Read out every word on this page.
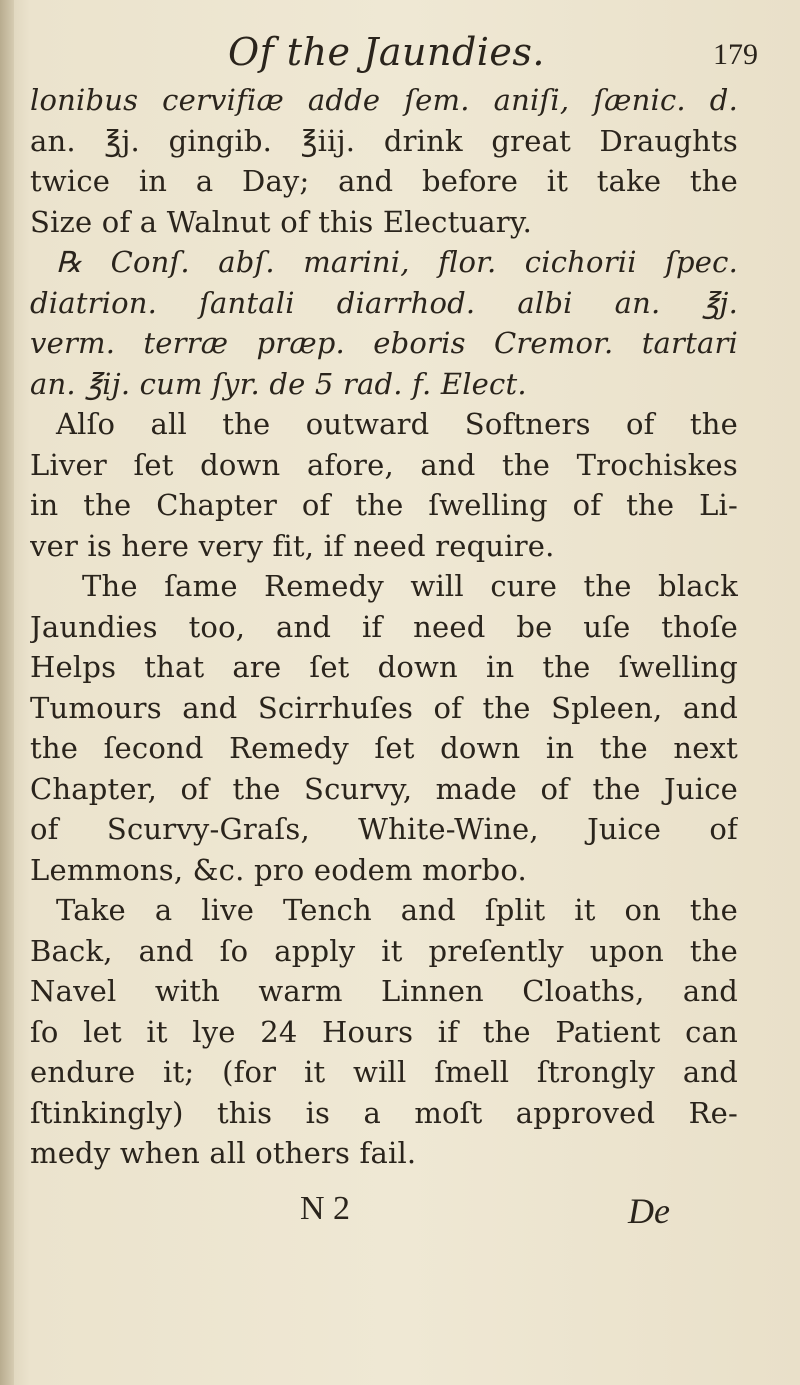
Of the Jaundies.	179
lonibus cervifiæ adde ſem. aniſi, ſænic. d.
an. ℥j. gingib. ℥iij. drink great Draughts
twice in a Day; and before it take the
Size of a Walnut of this Electuary.
℞ Conſ. abſ. marini, flor. cichorii ſpec.
diatrion. ſantali diarrhod. albi an. ℥j.
verm. terræ præp. eboris Cremor. tartari
an. ℥ij. cum ſyr. de 5 rad. f. Elect.
Alſo all the outward Softners of the
Liver ſet down afore, and the Trochiskes
in the Chapter of the ſwelling of the Li-
ver is here very fit, if need require.
The ſame Remedy will cure the black
Jaundies too, and if need be uſe thoſe
Helps that are ſet down in the ſwelling
Tumours and Scirrhuſes of the Spleen, and
the ſecond Remedy ſet down in the next
Chapter, of the Scurvy, made of the Juice
of Scurvy-Graſs, White-Wine, Juice of
Lemmons, &c. pro eodem morbo.
Take a live Tench and ſplit it on the
Back, and ſo apply it preſently upon the
Navel with warm Linnen Cloaths, and
ſo let it lye 24 Hours if the Patient can
endure it; (for it will ſmell ſtrongly and
ſtinkingly) this is a moſt approved Re-
medy when all others fail.
N 2	De
